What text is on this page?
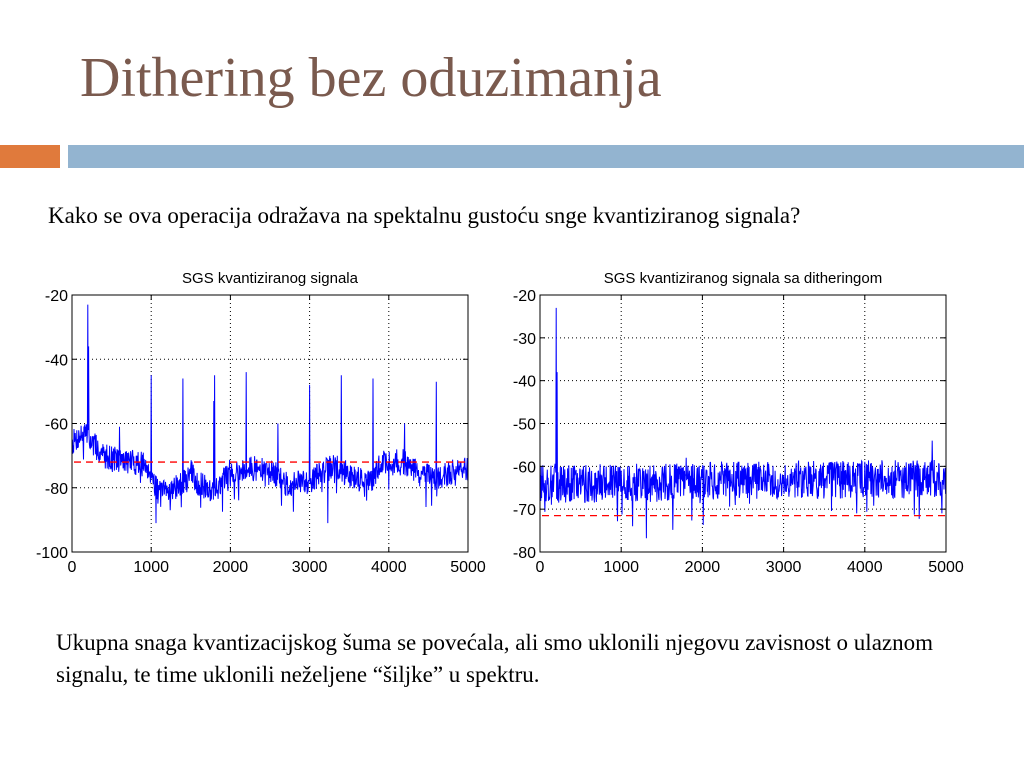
Dithering bez oduzimanja
Kako se ova operacija odražava na spektalnu gustoću snge kvantiziranog signala?
SGS kvantiziranog signala
0	1000	2000	3000	4000	5000
-20
-40
-60
-80
-100
SGS kvantiziranog signala sa ditheringom
0	1000	2000	3000	4000	5000
-20
-30
-40
-50
-60
-70
-80
Ukupna snaga kvantizacijskog šuma se povećala, ali smo uklonili njegovu zavisnost o ulaznom signalu, te time uklonili neželjene “šiljke” u spektru.
